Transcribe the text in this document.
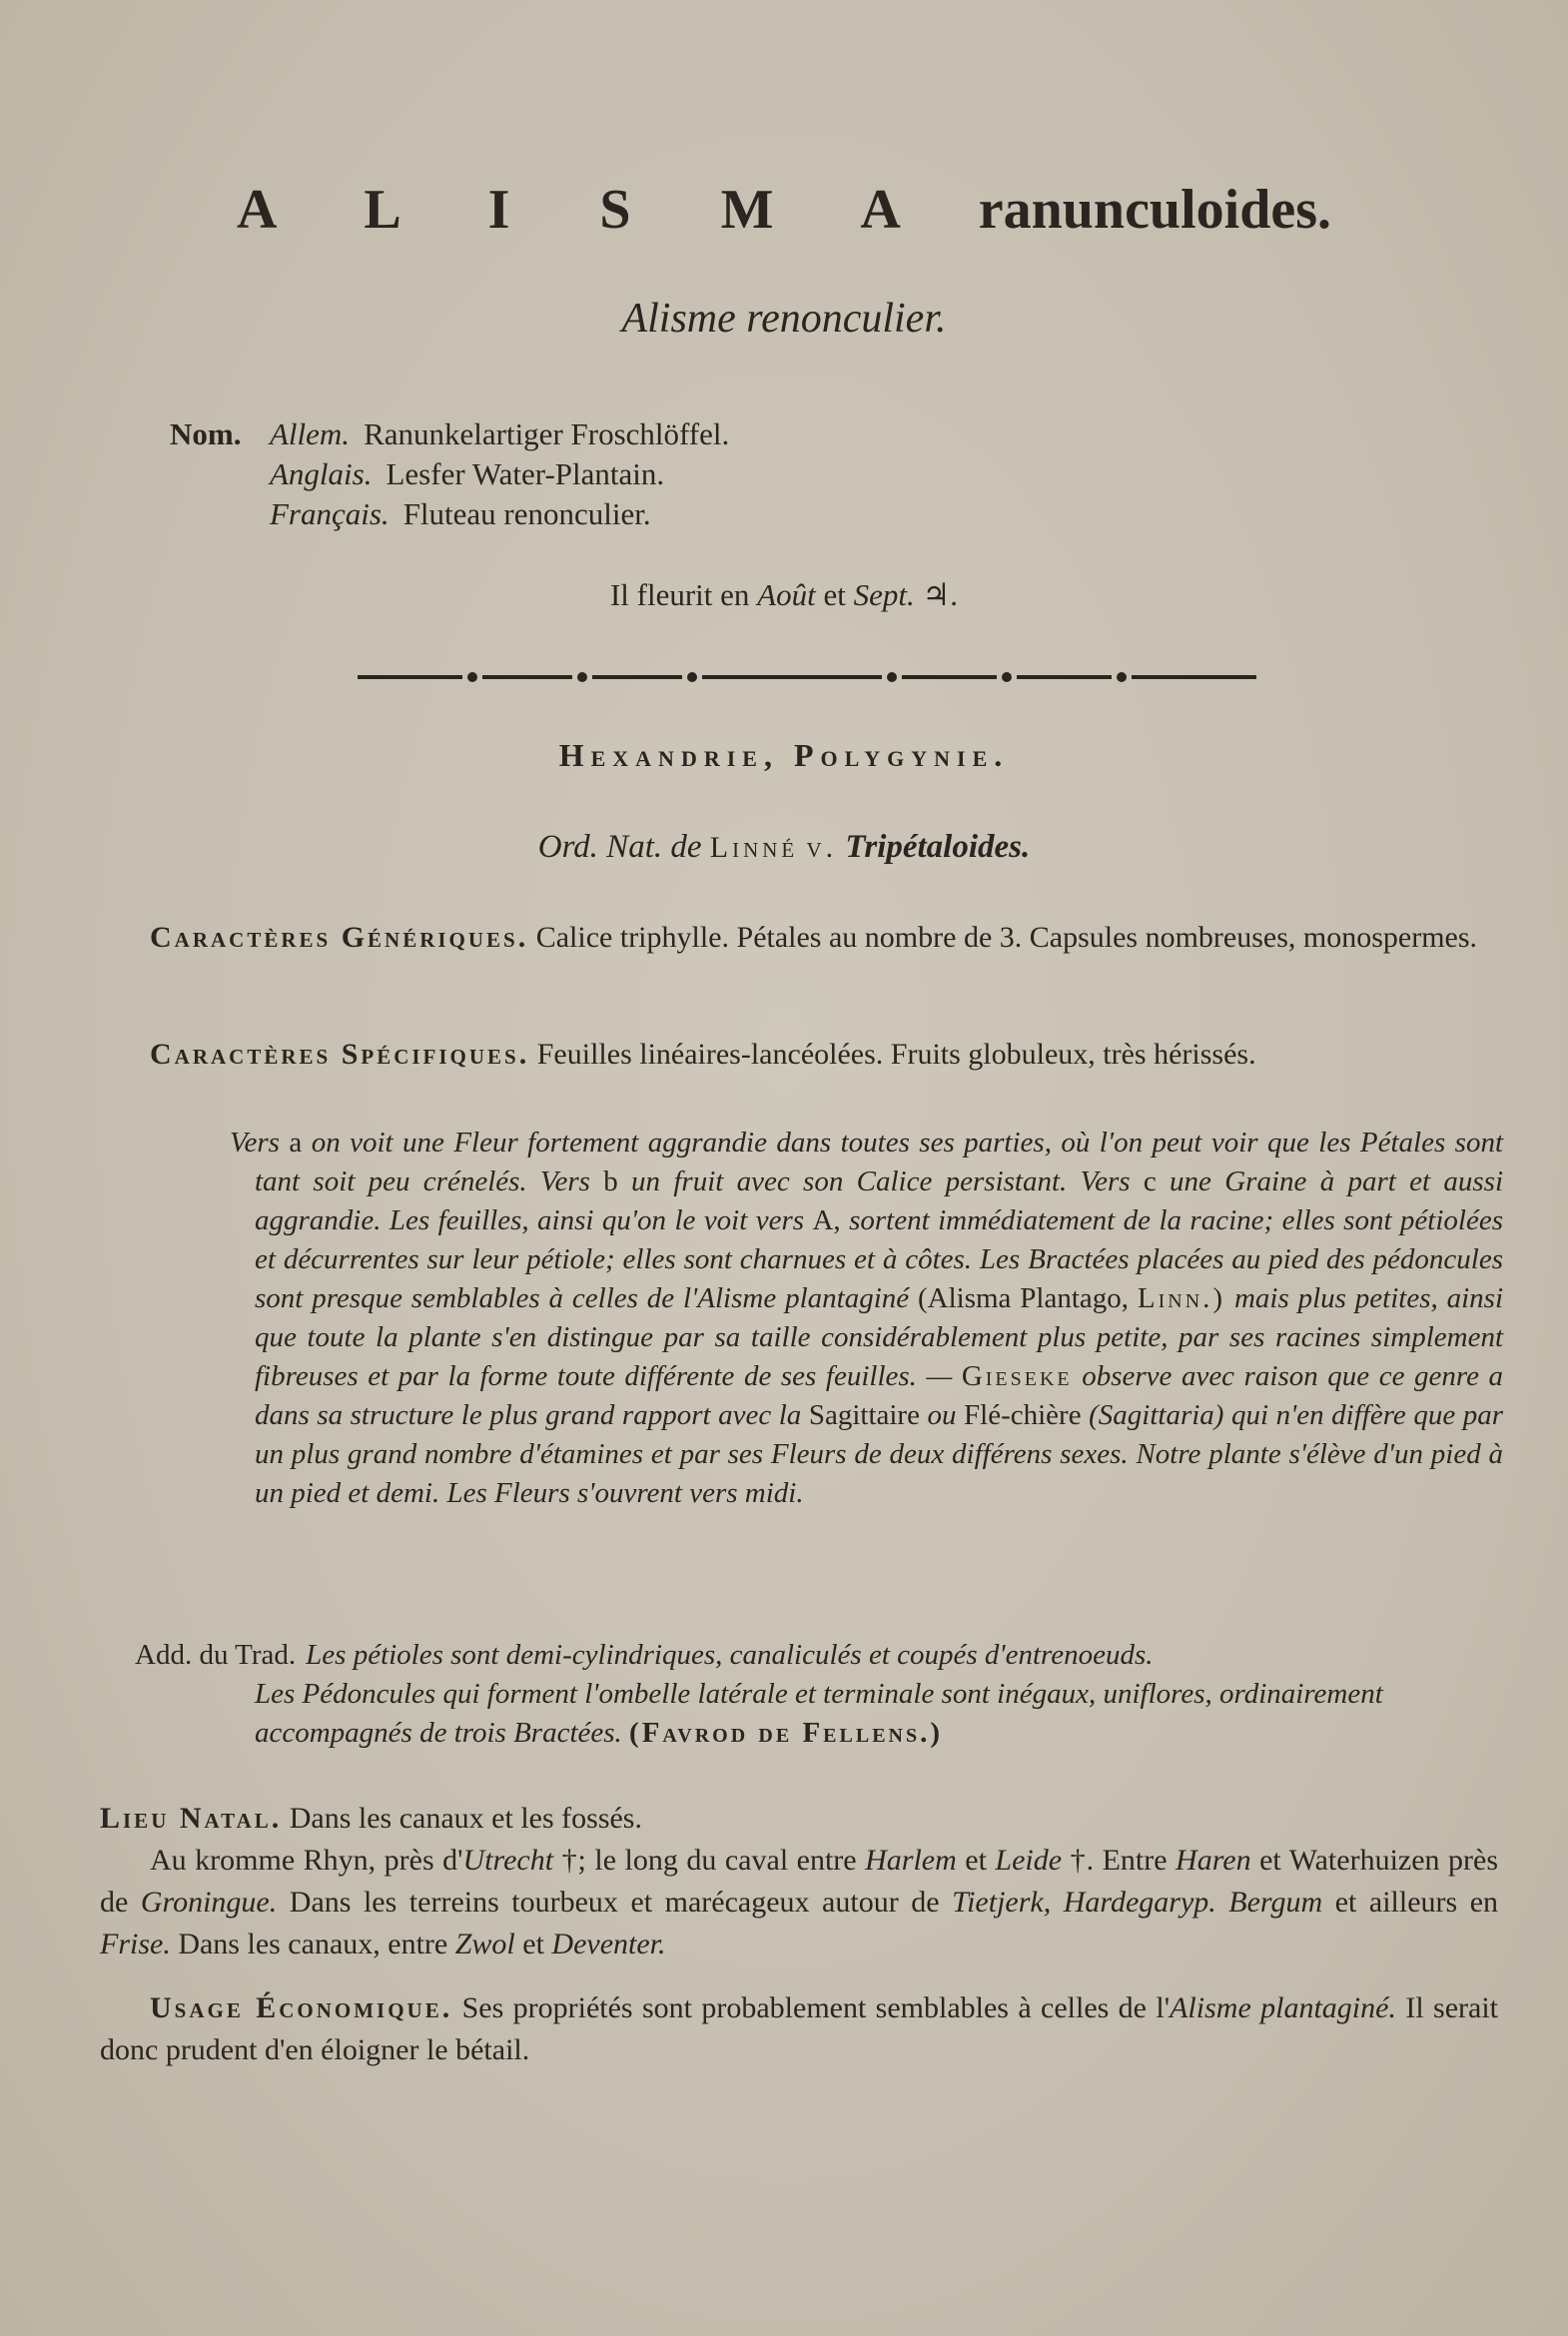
A L I S M A ranunculoides.
Alisme renonculier.
Nom. Allem. Ranunkelartiger Froschlöffel.
Anglais. Lesfer Water-Plantain.
Français. Fluteau renonculier.
Il fleurit en Août et Sept. ♃.
Hexandrie, Polygynie.
Ord. Nat. de Linné v. Tripétaloides.
Caractères Génériques. Calice triphylle. Pétales au nombre de 3. Capsules nombreuses, monospermes.
Caractères Spécifiques. Feuilles linéaires-lancéolées. Fruits globuleux, très hérissés.
Vers a on voit une Fleur fortement aggrandie dans toutes ses parties, où l'on peut voir que les Pétales sont tant soit peu crénelés. Vers b un fruit avec son Calice persistant. Vers c une Graine à part et aussi aggrandie. Les feuilles, ainsi qu'on le voit vers A, sortent immédiatement de la racine; elles sont pétiolées et décurrentes sur leur pétiole; elles sont charnues et à côtes. Les Bractées placées au pied des pédoncules sont presque semblables à celles de l'Alisme plantaginé (Alisma Plantago, Linn.) mais plus petites, ainsi que toute la plante s'en distingue par sa taille considérablement plus petite, par ses racines simplement fibreuses et par la forme toute différente de ses feuilles. — Gieseke observe avec raison que ce genre a dans sa structure le plus grand rapport avec la Sagittaire ou Flé-chière (Sagittaria) qui n'en diffère que par un plus grand nombre d'étamines et par ses Fleurs de deux différens sexes. Notre plante s'élève d'un pied à un pied et demi. Les Fleurs s'ouvrent vers midi.
Add. du Trad. Les pétioles sont demi-cylindriques, canaliculés et coupés d'entrenoeuds.
Les Pédoncules qui forment l'ombelle latérale et terminale sont inégaux, uniflores, ordinairement accompagnés de trois Bractées. (Favrod de Fellens.)
Lieu Natal. Dans les canaux et les fossés.
Au kromme Rhyn, près d'Utrecht †; le long du caval entre Harlem et Leide †. Entre Haren et Waterhuizen près de Groningue. Dans les terreins tourbeux et marécageux autour de Tietjerk, Hardegaryp. Bergum et ailleurs en Frise. Dans les canaux, entre Zwol et Deventer.
Usage Économique. Ses propriétés sont probablement semblables à celles de l'Alisme plantaginé. Il serait donc prudent d'en éloigner le bétail.
